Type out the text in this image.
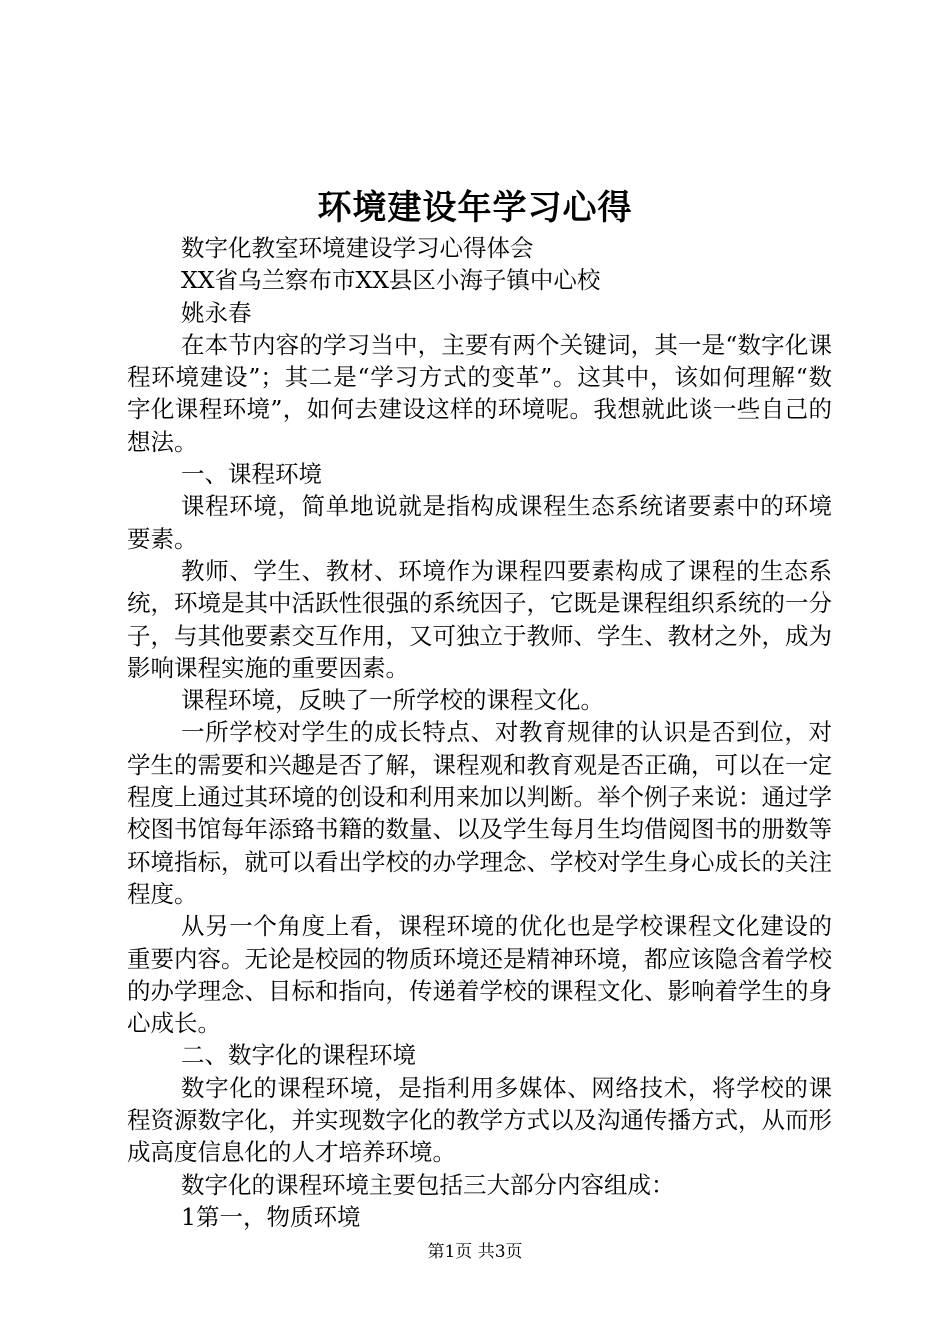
环境建设年学习心得

数字化教室环境建设学习心得体会

XX省乌兰察布市XX县区小海子镇中心校

姚永春

在本节内容的学习当中，主要有两个关键词，其一是“数字化课程环境建设”；其二是“学习方式的变革”。这其中，该如何理解“数字化课程环境”，如何去建设这样的环境呢。我想就此谈一些自己的想法。

一、课程环境

课程环境，简单地说就是指构成课程生态系统诸要素中的环境要素。

教师、学生、教材、环境作为课程四要素构成了课程的生态系统，环境是其中活跃性很强的系统因子，它既是课程组织系统的一分子，与其他要素交互作用，又可独立于教师、学生、教材之外，成为影响课程实施的重要因素。

课程环境，反映了一所学校的课程文化。

一所学校对学生的成长特点、对教育规律的认识是否到位，对学生的需要和兴趣是否了解，课程观和教育观是否正确，可以在一定程度上通过其环境的创设和利用来加以判断。举个例子来说：通过学校图书馆每年添臵书籍的数量、以及学生每月生均借阅图书的册数等环境指标，就可以看出学校的办学理念、学校对学生身心成长的关注程度。

从另一个角度上看，课程环境的优化也是学校课程文化建设的重要内容。无论是校园的物质环境还是精神环境，都应该隐含着学校的办学理念、目标和指向，传递着学校的课程文化、影响着学生的身心成长。

二、数字化的课程环境

数字化的课程环境，是指利用多媒体、网络技术，将学校的课程资源数字化，并实现数字化的教学方式以及沟通传播方式，从而形成高度信息化的人才培养环境。

数字化的课程环境主要包括三大部分内容组成：

1第一，物质环境

第1页 共3页
